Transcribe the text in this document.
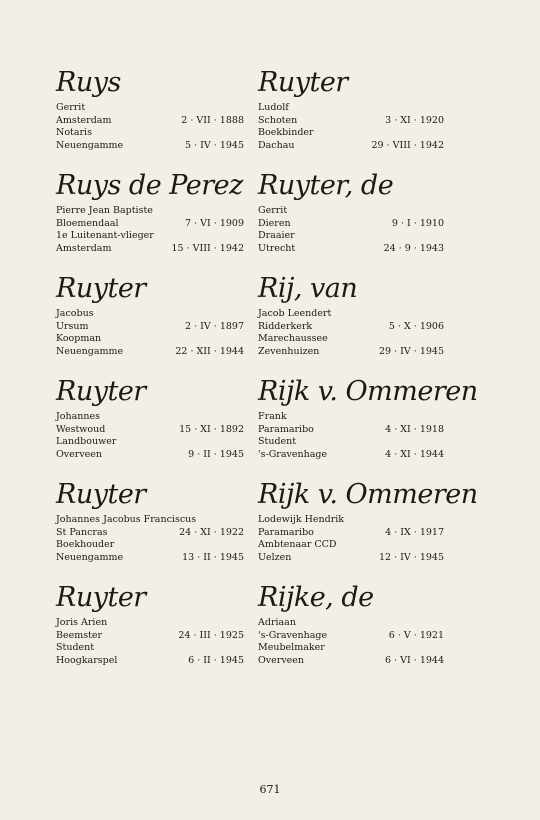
Ruys
Gerrit
Amsterdam	2 · VII · 1888
Notaris
Neuengamme	5 · IV · 1945
Ruys de Perez
Pierre Jean Baptiste
Bloemendaal	7 · VI · 1909
1e Luitenant-vlieger
Amsterdam	15 · VIII · 1942
Ruyter
Jacobus
Ursum	2 · IV · 1897
Koopman
Neuengamme	22 · XII · 1944
Ruyter
Johannes
Westwoud	15 · XI · 1892
Landbouwer
Overveen	9 · II · 1945
Ruyter
Johannes Jacobus Franciscus
St Pancras	24 · XI · 1922
Boekhouder
Neuengamme	13 · II · 1945
Ruyter
Joris Arien
Beemster	24 · III · 1925
Student
Hoogkarspel	6 · II · 1945
Ruyter
Ludolf
Schoten	3 · XI · 1920
Boekbinder
Dachau	29 · VIII · 1942
Ruyter, de
Gerrit
Dieren	9 · I · 1910
Draaier
Utrecht	24 · 9 · 1943
Rij, van
Jacob Leendert
Ridderkerk	5 · X · 1906
Marechaussee
Zevenhuizen	29 · IV · 1945
Rijk v. Ommeren
Frank
Paramaribo	4 · XI · 1918
Student
's-Gravenhage	4 · XI · 1944
Rijk v. Ommeren
Lodewijk Hendrik
Paramaribo	4 · IX · 1917
Ambtenaar CCD
Uelzen	12 · IV · 1945
Rijke, de
Adriaan
's-Gravenhage	6 · V · 1921
Meubelmaker
Overveen	6 · VI · 1944
671
